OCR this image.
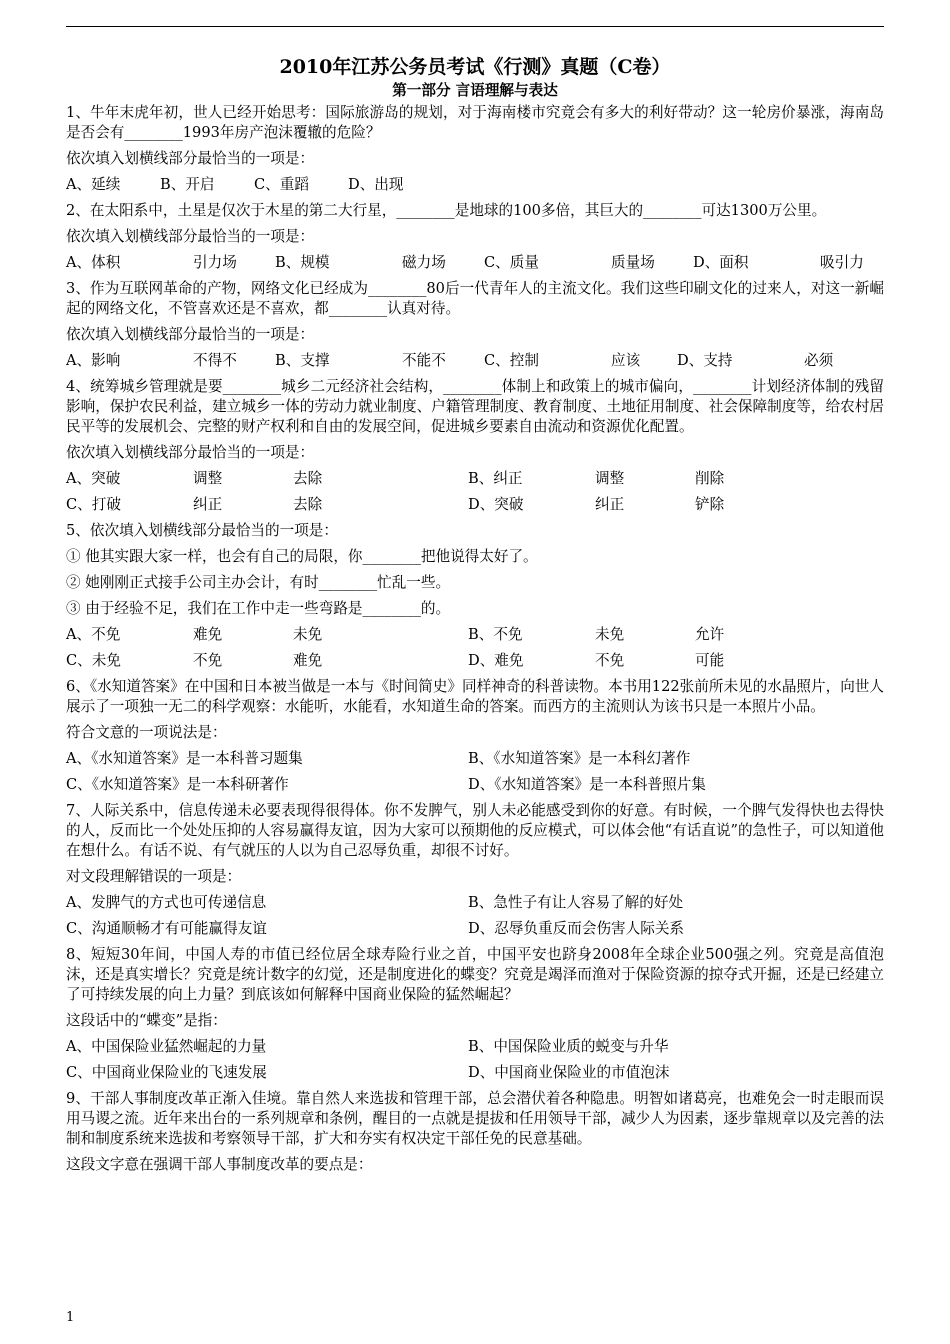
2010年江苏公务员考试《行测》真题（C卷）
第一部分 言语理解与表达

1、牛年末虎年初，世人已经开始思考：国际旅游岛的规划，对于海南楼市究竟会有多大的利好带动？这一轮房价暴涨，海南岛是否会有________1993年房产泡沫覆辙的危险？

依次填入划横线部分最恰当的一项是：

A、延续	B、开启	C、重蹈	D、出现

2、在太阳系中，土星是仅次于木星的第二大行星，________是地球的100多倍，其巨大的________可达1300万公里。

依次填入划横线部分最恰当的一项是：

A、体积	引力场	B、规模	磁力场	C、质量	质量场	D、面积	吸引力

3、作为互联网革命的产物，网络文化已经成为________80后一代青年人的主流文化。我们这些印刷文化的过来人，对这一新崛起的网络文化，不管喜欢还是不喜欢，都________认真对待。

依次填入划横线部分最恰当的一项是：

A、影响	不得不	B、支撑	不能不	C、控制	应该	D、支持	必须

4、统筹城乡管理就是要________城乡二元经济社会结构，________体制上和政策上的城市偏向，________计划经济体制的残留影响，保护农民利益，建立城乡一体的劳动力就业制度、户籍管理制度、教育制度、土地征用制度、社会保障制度等，给农村居民平等的发展机会、完整的财产权利和自由的发展空间，促进城乡要素自由流动和资源优化配置。

依次填入划横线部分最恰当的一项是：

A、突破	调整	去除	B、纠正	调整	削除
C、打破	纠正	去除	D、突破	纠正	铲除

5、依次填入划横线部分最恰当的一项是：

① 他其实跟大家一样，也会有自己的局限，你________把他说得太好了。

② 她刚刚正式接手公司主办会计，有时________忙乱一些。

③ 由于经验不足，我们在工作中走一些弯路是________的。

A、不免	难免	未免	B、不免	未免	允许
C、未免	不免	难免	D、难免	不免	可能

6、《水知道答案》在中国和日本被当做是一本与《时间简史》同样神奇的科普读物。本书用122张前所未见的水晶照片，向世人展示了一项独一无二的科学观察：水能听，水能看，水知道生命的答案。而西方的主流则认为该书只是一本照片小品。

符合文意的一项说法是：

A、《水知道答案》是一本科普习题集	B、《水知道答案》是一本科幻著作
C、《水知道答案》是一本科研著作	D、《水知道答案》是一本科普照片集

7、人际关系中，信息传递未必要表现得很得体。你不发脾气，别人未必能感受到你的好意。有时候，一个脾气发得快也去得快的人，反而比一个处处压抑的人容易赢得友谊，因为大家可以预期他的反应模式，可以体会他“有话直说”的急性子，可以知道他在想什么。有话不说、有气就压的人以为自己忍辱负重，却很不讨好。

对文段理解错误的一项是：

A、发脾气的方式也可传递信息	B、急性子有让人容易了解的好处
C、沟通顺畅才有可能赢得友谊	D、忍辱负重反而会伤害人际关系

8、短短30年间，中国人寿的市值已经位居全球寿险行业之首，中国平安也跻身2008年全球企业500强之列。究竟是高值泡沫，还是真实增长？究竟是统计数字的幻觉，还是制度进化的蝶变？究竟是竭泽而渔对于保险资源的掠夺式开掘，还是已经建立了可持续发展的向上力量？到底该如何解释中国商业保险的猛然崛起？

这段话中的“蝶变”是指：

A、中国保险业猛然崛起的力量	B、中国保险业质的蜕变与升华
C、中国商业保险业的飞速发展	D、中国商业保险业的市值泡沫

9、干部人事制度改革正渐入佳境。靠自然人来选拔和管理干部，总会潜伏着各种隐患。明智如诸葛亮，也难免会一时走眼而误用马谡之流。近年来出台的一系列规章和条例，醒目的一点就是提拔和任用领导干部，减少人为因素，逐步靠规章以及完善的法制和制度系统来选拔和考察领导干部，扩大和夯实有权决定干部任免的民意基础。

这段文字意在强调干部人事制度改革的要点是：

1
